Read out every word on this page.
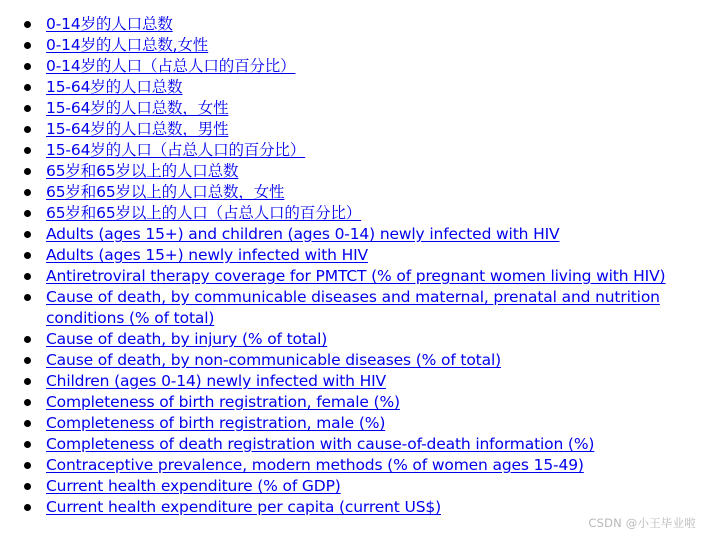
0-14岁的人口总数
0-14岁的人口总数,女性
0-14岁的人口（占总人口的百分比）
15-64岁的人口总数
15-64岁的人口总数，女性
15-64岁的人口总数，男性
15-64岁的人口（占总人口的百分比）
65岁和65岁以上的人口总数
65岁和65岁以上的人口总数，女性
65岁和65岁以上的人口（占总人口的百分比）
Adults (ages 15+) and children (ages 0-14) newly infected with HIV
Adults (ages 15+) newly infected with HIV
Antiretroviral therapy coverage for PMTCT (% of pregnant women living with HIV)
Cause of death, by communicable diseases and maternal, prenatal and nutrition conditions (% of total)
Cause of death, by injury (% of total)
Cause of death, by non-communicable diseases (% of total)
Children (ages 0-14) newly infected with HIV
Completeness of birth registration, female (%)
Completeness of birth registration, male (%)
Completeness of death registration with cause-of-death information (%)
Contraceptive prevalence, modern methods (% of women ages 15-49)
Current health expenditure (% of GDP)
Current health expenditure per capita (current US$)
CSDN @小王毕业啦
